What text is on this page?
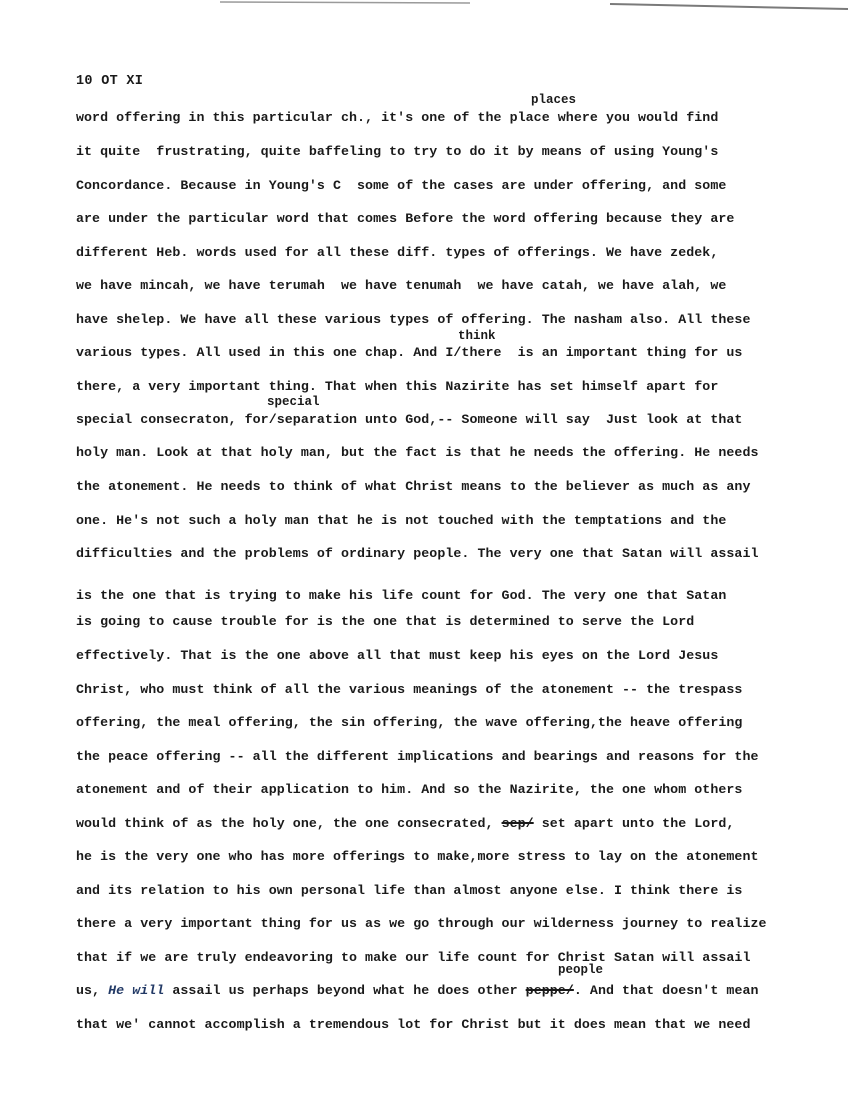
10 OT XI
places
think
special
people
word offering in this particular ch., it's one of the place where you would find
it quite  frustrating, quite baffeling to try to do it by means of using Young's
Concordance. Because in Young's C  some of the cases are under offering, and some
are under the particular word that comes Before the word offering because they are
different Heb. words used for all these diff. types of offerings. We have zedek,
we have mincah, we have terumah  we have tenumah  we have catah, we have alah, we
have shelep. We have all these various types of offering. The nasham also. All these
various types. All used in this one chap. And I/there  is an important thing for us
there, a very important thing. That when this Nazirite has set himself apart for
special consecraton, for/separation unto God,-- Someone will say  Just look at that
holy man. Look at that holy man, but the fact is that he needs the offering. He needs
the atonement. He needs to think of what Christ means to the believer as much as any
one. He's not such a holy man that he is not touched with the temptations and the
difficulties and the problems of ordinary people. The very one that Satan will assail
is the one that is trying to make his life count for God. The very one that Satan
is going to cause trouble for is the one that is determined to serve the Lord
effectively. That is the one above all that must keep his eyes on the Lord Jesus
Christ, who must think of all the various meanings of the atonement -- the trespass
offering, the meal offering, the sin offering, the wave offering,the heave offering
the peace offering -- all the different implications and bearings and reasons for the
atonement and of their application to him. And so the Nazirite, the one whom others
would think of as the holy one, the one consecrated, sep/ set apart unto the Lord,
he is the very one who has more offerings to make,more stress to lay on the atonement
and its relation to his own personal life than almost anyone else. I think there is
there a very important thing for us as we go through our wilderness journey to realize
that if we are truly endeavoring to make our life count for Christ Satan will assail
us, He will assail us perhaps beyond what he does other peppe/. And that doesn't mean
that we' cannot accomplish a tremendous lot for Christ but it does mean that we need
